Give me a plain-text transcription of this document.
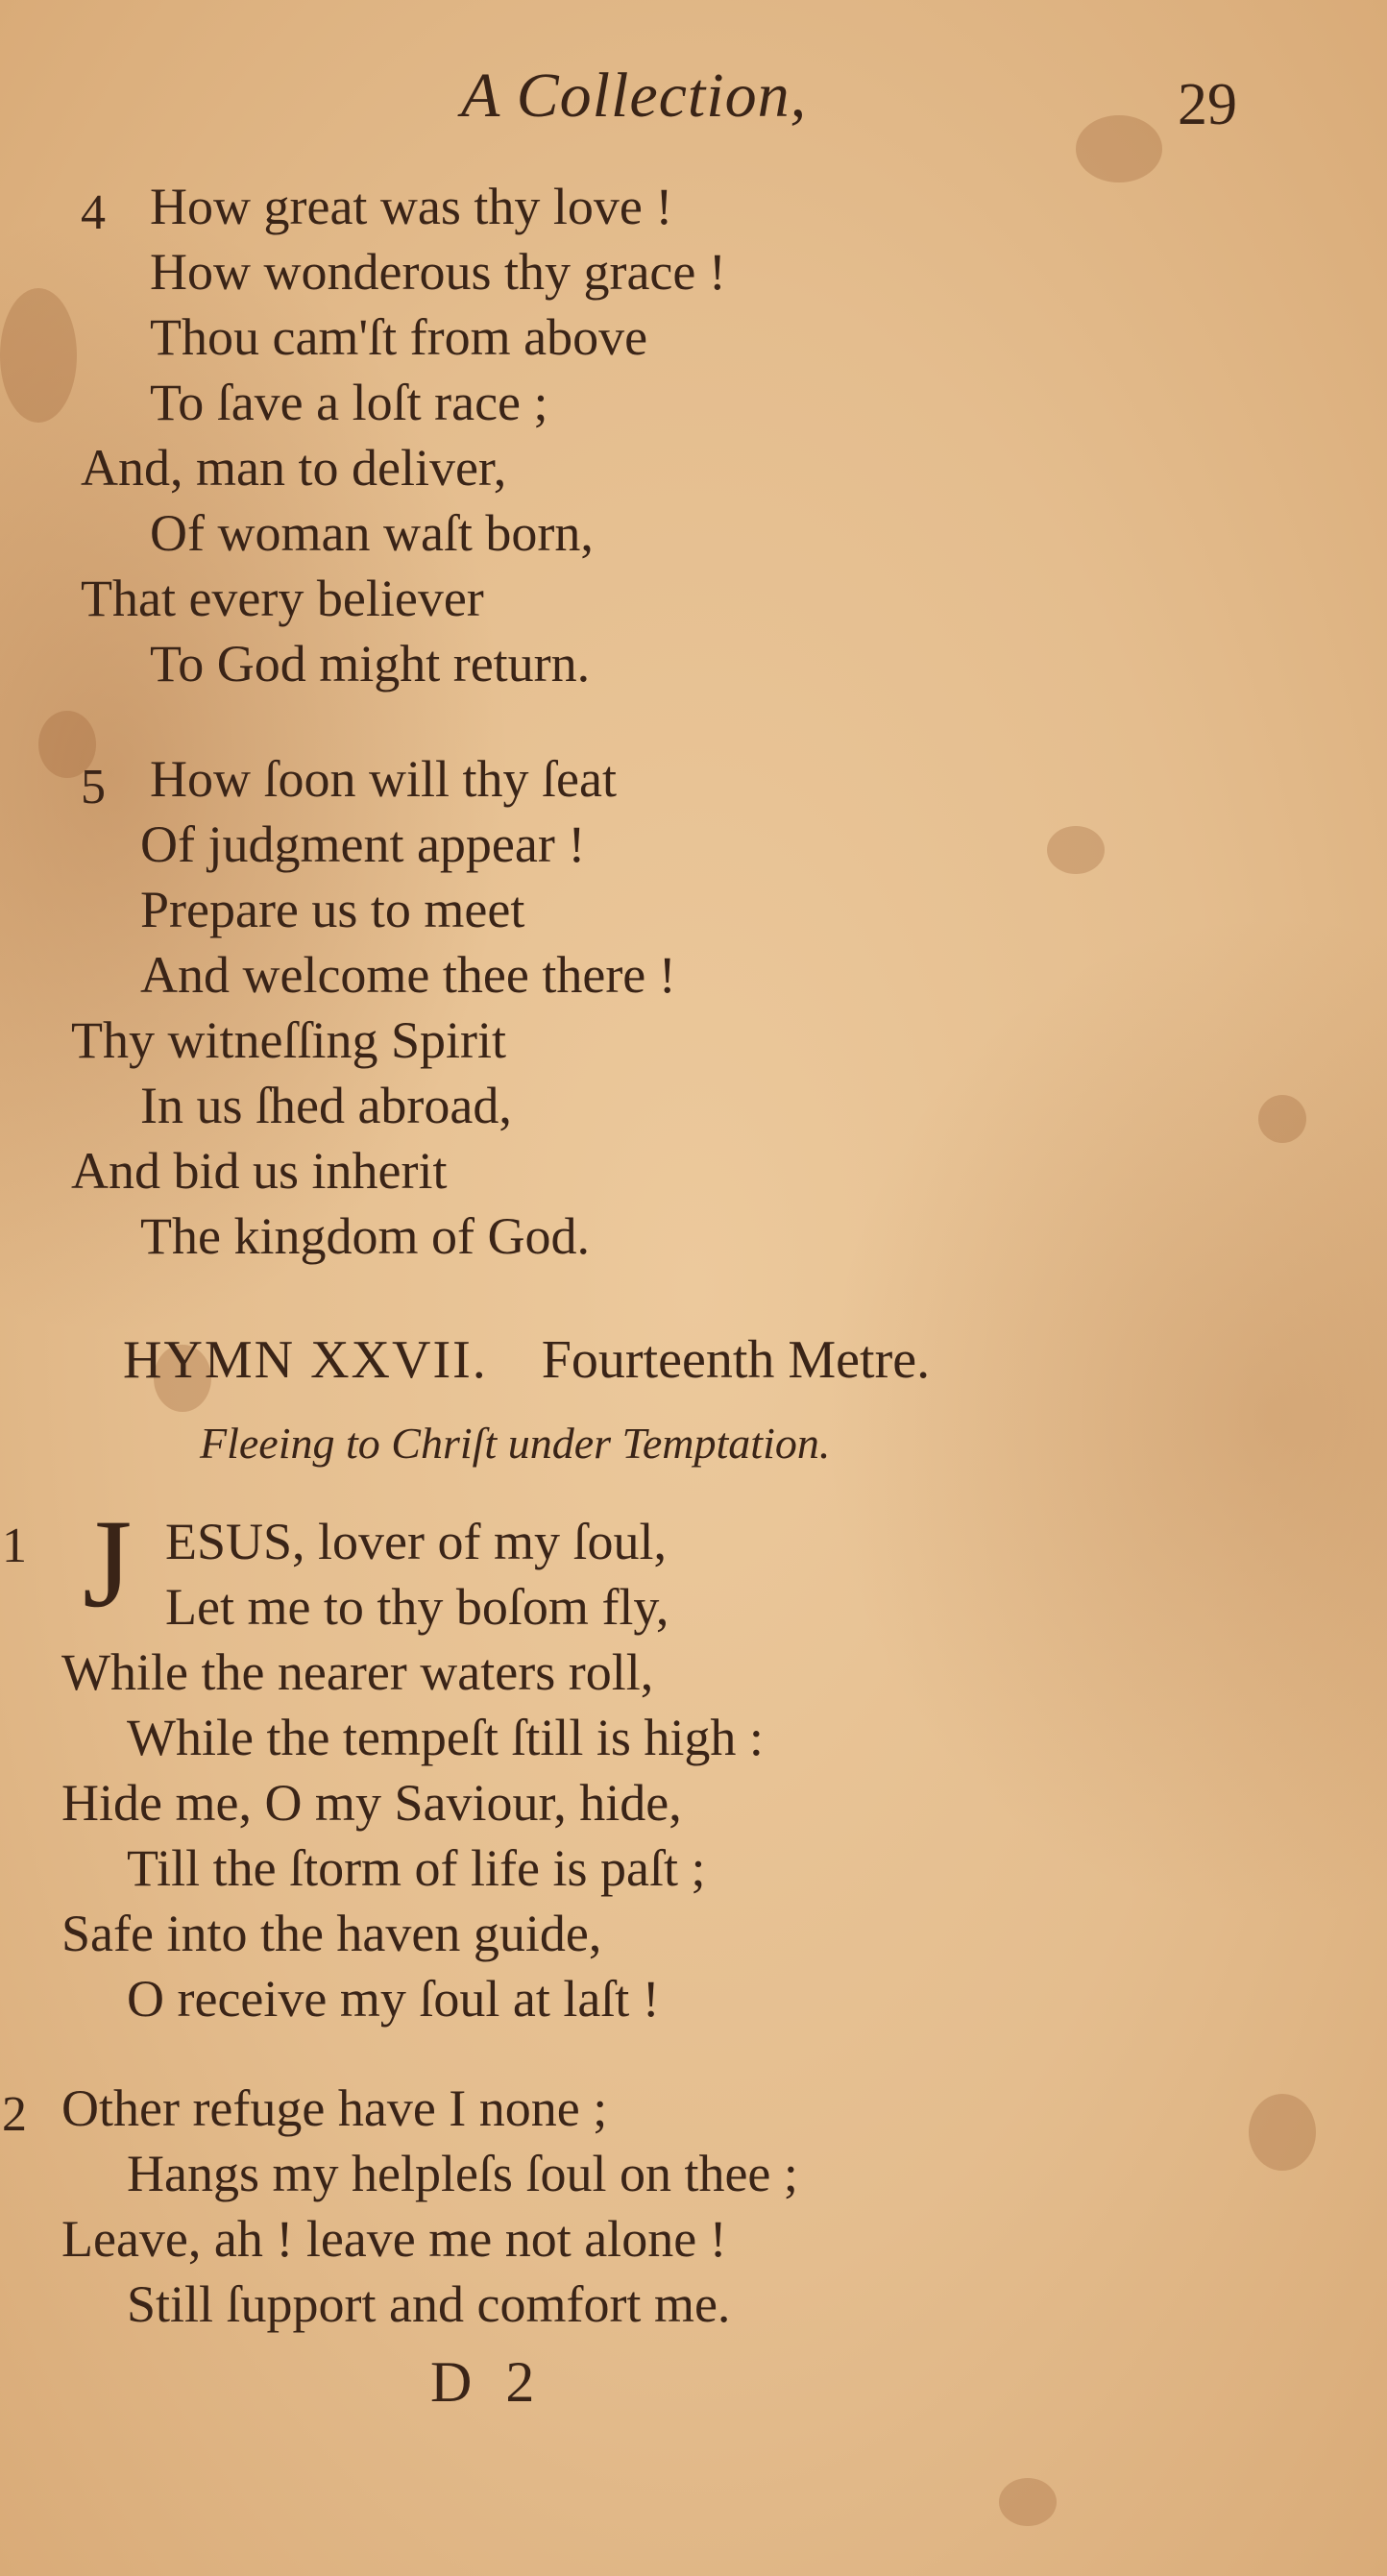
A Collection,	29
4 How great was thy love !
How wonderous thy grace !
Thou cam'ſt from above
To ſave a loſt race ;
And, man to deliver,
Of woman waſt born,
That every believer
To God might return.
5 How ſoon will thy ſeat
Of judgment appear !
Prepare us to meet
And welcome thee there !
Thy witneſſing Spirit
In us ſhed abroad,
And bid us inherit
The kingdom of God.
HYMN XXVII. Fourteenth Metre.
Fleeing to Chriſt under Temptation.
1 J ESUS, lover of my ſoul,
Let me to thy boſom fly,
While the nearer waters roll,
While the tempeſt ſtill is high :
Hide me, O my Saviour, hide,
Till the ſtorm of life is paſt ;
Safe into the haven guide,
O receive my ſoul at laſt !
2 Other refuge have I none ;
Hangs my helpleſs ſoul on thee ;
Leave, ah ! leave me not alone !
Still ſupport and comfort me.
D 2
